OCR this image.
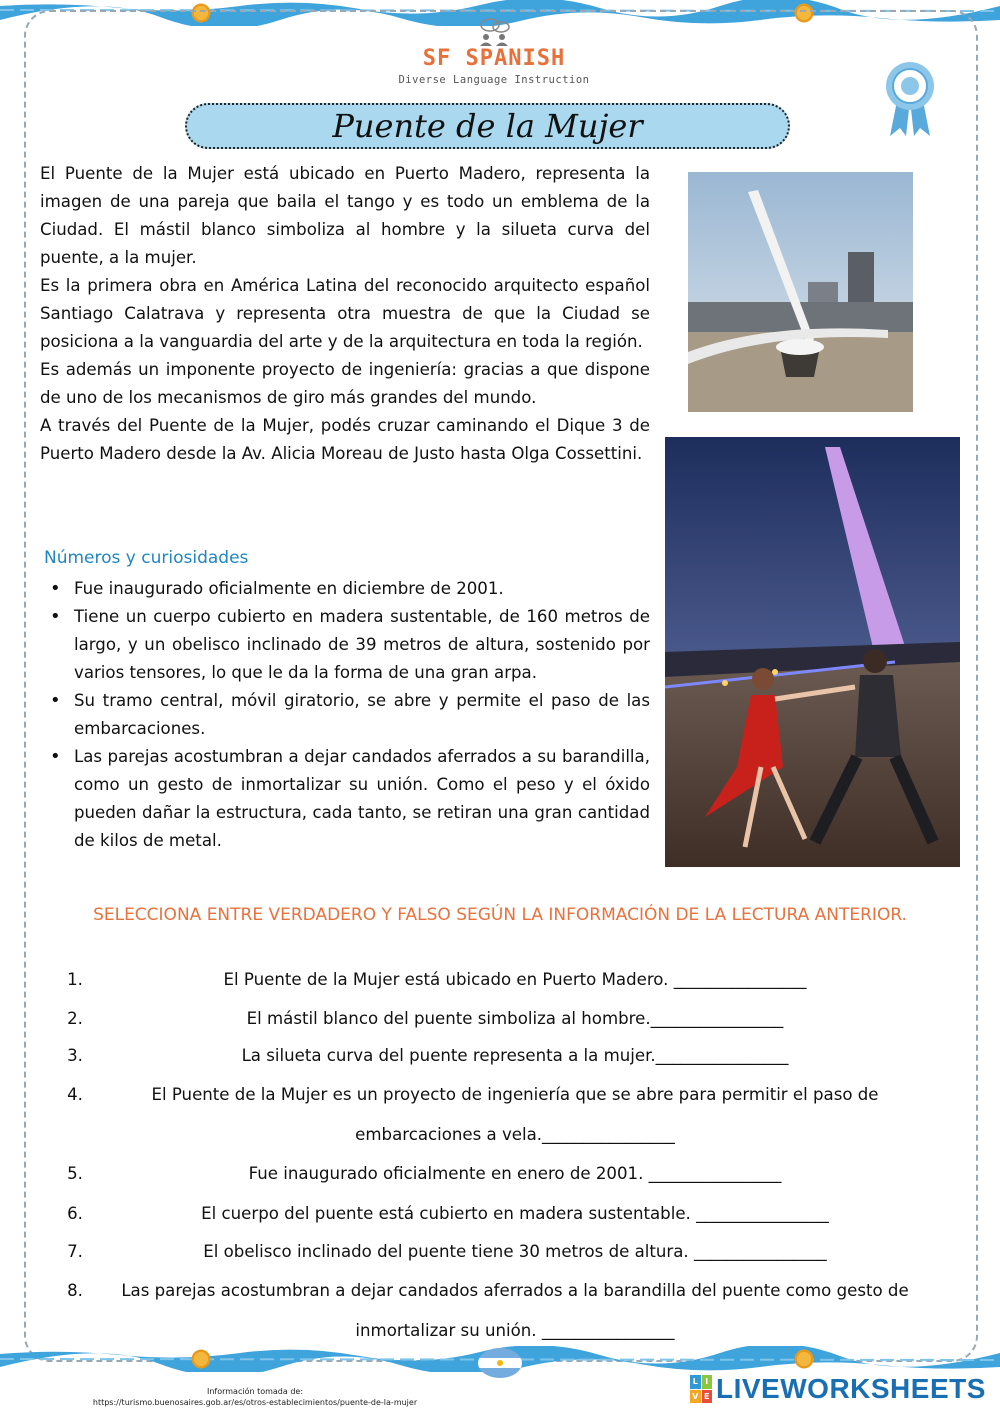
SF SPANISH
Diverse Language Instruction
Puente de la Mujer

El Puente de la Mujer está ubicado en Puerto Madero, representa la imagen de una pareja que baila el tango y es todo un emblema de la Ciudad. El mástil blanco simboliza al hombre y la silueta curva del puente, a la mujer.

Es la primera obra en América Latina del reconocido arquitecto español Santiago Calatrava y representa otra muestra de que la Ciudad se posiciona a la vanguardia del arte y de la arquitectura en toda la región.

Es además un imponente proyecto de ingeniería: gracias a que dispone de uno de los mecanismos de giro más grandes del mundo.

A través del Puente de la Mujer, podés cruzar caminando el Dique 3 de Puerto Madero desde la Av. Alicia Moreau de Justo hasta Olga Cossettini.

Números y curiosidades
• Fue inaugurado oficialmente en diciembre de 2001.
• Tiene un cuerpo cubierto en madera sustentable, de 160 metros de largo, y un obelisco inclinado de 39 metros de altura, sostenido por varios tensores, lo que le da la forma de una gran arpa.
• Su tramo central, móvil giratorio, se abre y permite el paso de las embarcaciones.
• Las parejas acostumbran a dejar candados aferrados a su barandilla, como un gesto de inmortalizar su unión. Como el peso y el óxido pueden dañar la estructura, cada tanto, se retiran una gran cantidad de kilos de metal.
SELECCIONA ENTRE VERDADERO Y FALSO SEGÚN LA INFORMACIÓN DE LA LECTURA ANTERIOR.
1.	El Puente de la Mujer está ubicado en Puerto Madero. ________________
2.	El mástil blanco del puente simboliza al hombre.________________
3.	La silueta curva del puente representa a la mujer.________________
4.	El Puente de la Mujer es un proyecto de ingeniería que se abre para permitir el paso de
embarcaciones a vela.________________
5.	Fue inaugurado oficialmente en enero de 2001. ________________
6.	El cuerpo del puente está cubierto en madera sustentable. ________________
7.	El obelisco inclinado del puente tiene 30 metros de altura. ________________
8.	Las parejas acostumbran a dejar candados aferrados a la barandilla del puente como gesto de
inmortalizar su unión. ________________
Información tomada de:
https://turismo.buenosaires.gob.ar/es/otros-establecimientos/puente-de-la-mujer
L I
V E LIVEWORKSHEETS
